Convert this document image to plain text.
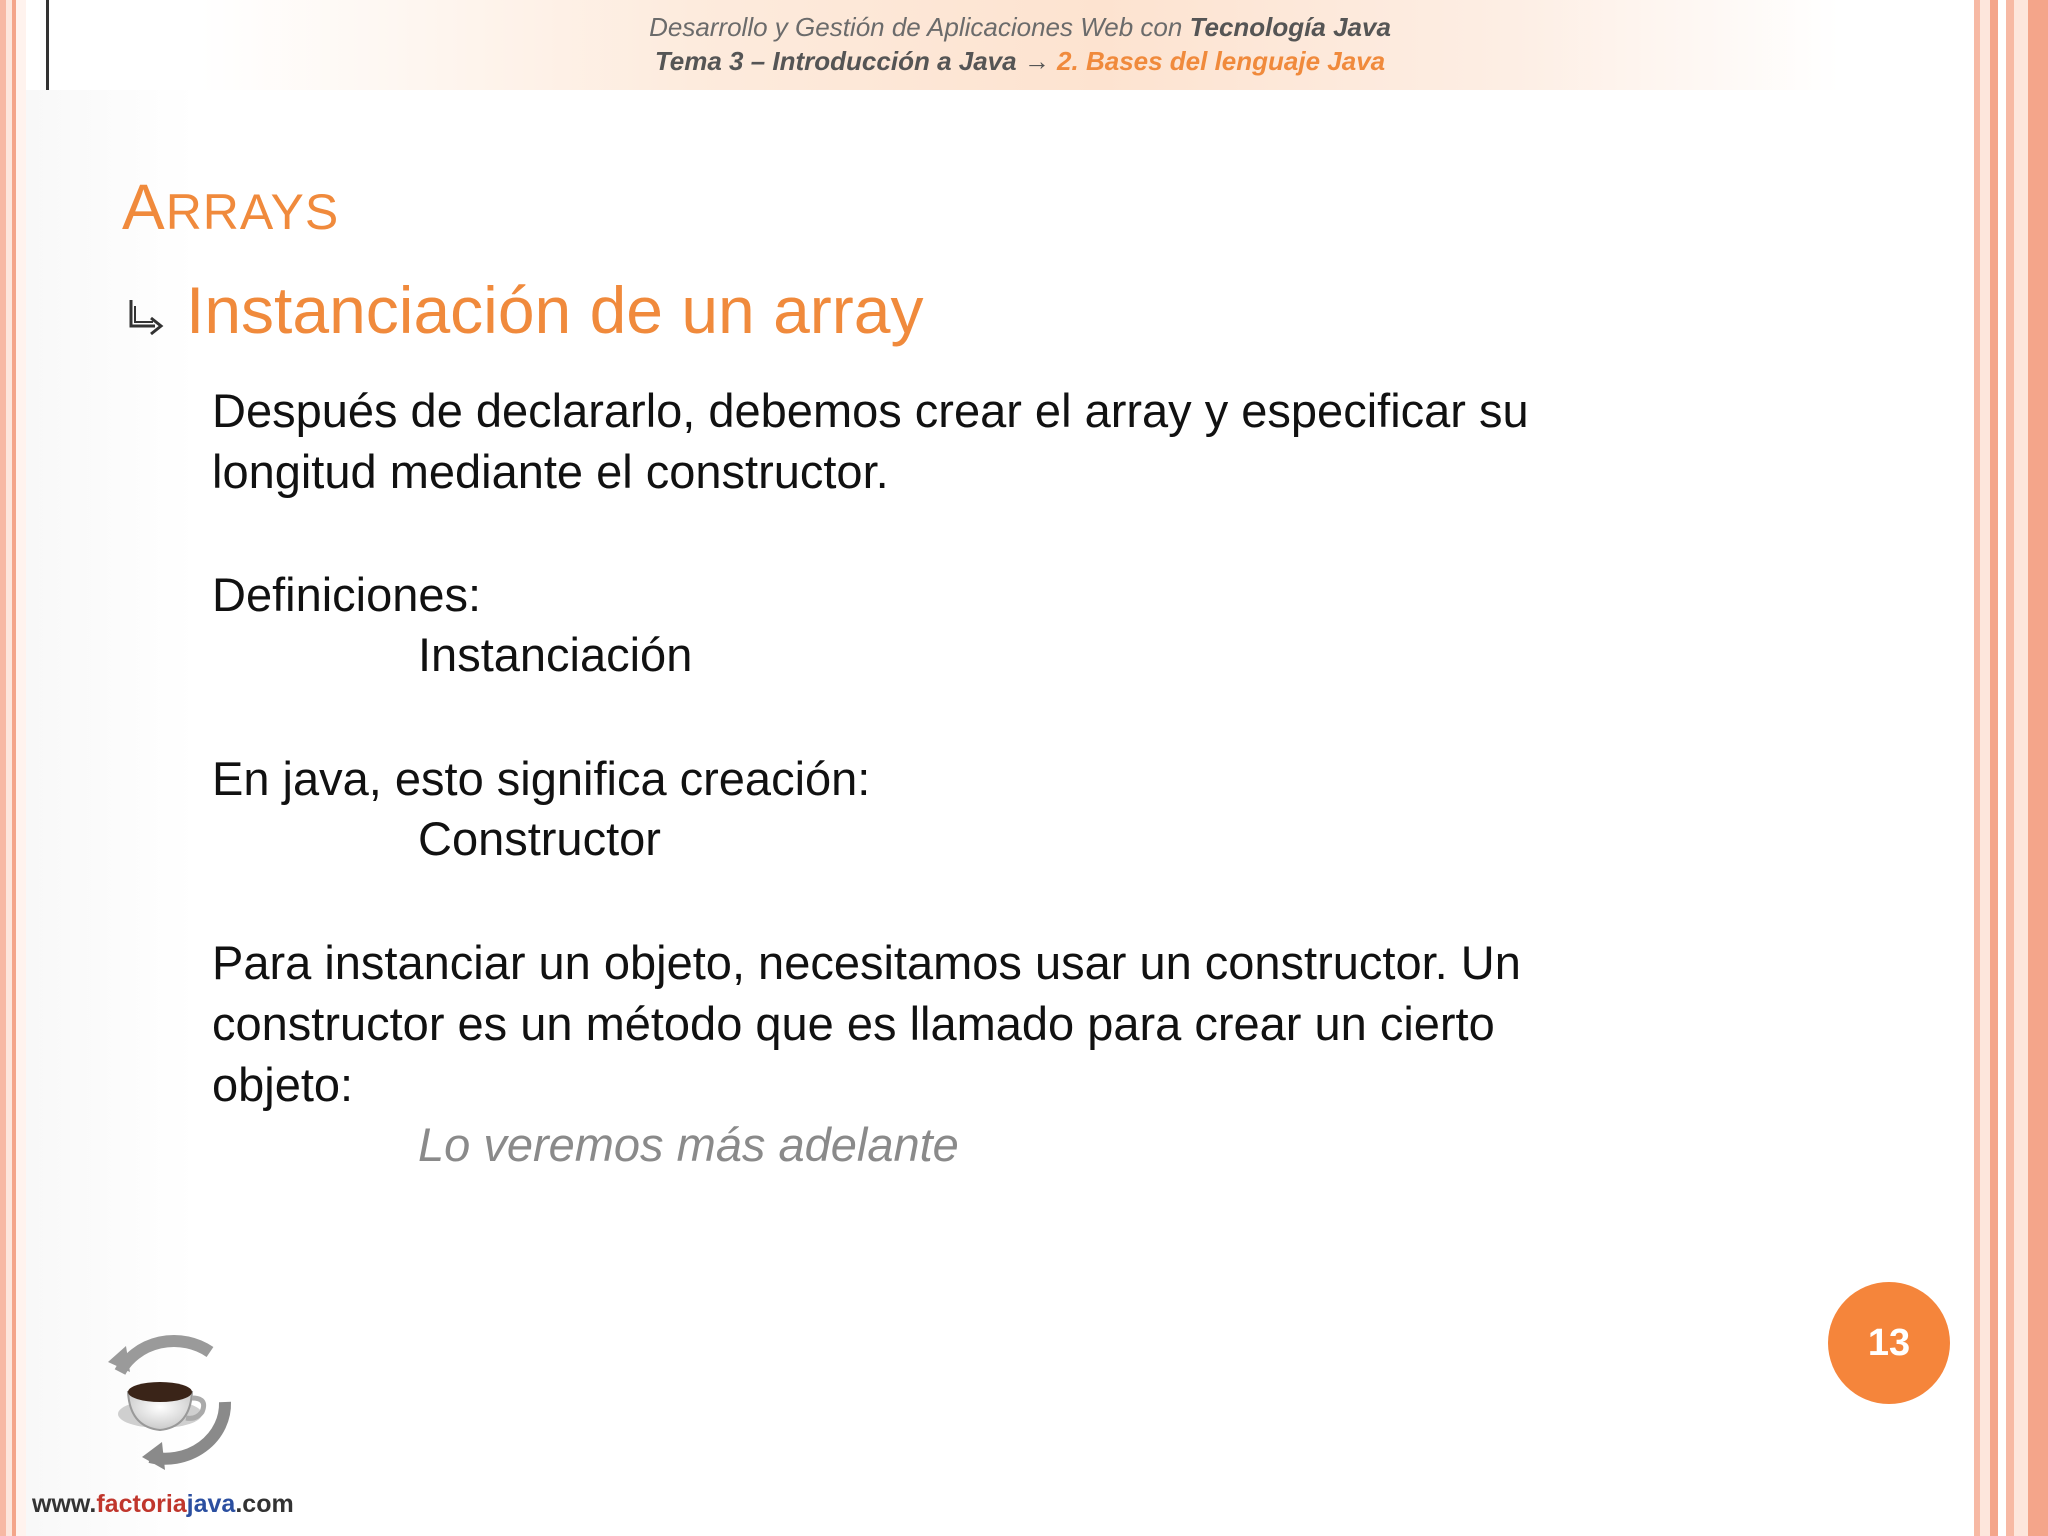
Desarrollo y Gestión de Aplicaciones Web con Tecnología Java
Tema 3 – Introducción a Java → 2. Bases del lenguaje Java
ARRAYS
Instanciación de un array
Después de declararlo, debemos crear el array y especificar su
longitud mediante el constructor.
Definiciones:
Instanciación
En java, esto significa creación:
Constructor
Para instanciar un objeto, necesitamos usar un constructor. Un
constructor es un método que es llamado para crear un cierto
objeto:
Lo veremos más adelante
13
www.factoriajava.com
